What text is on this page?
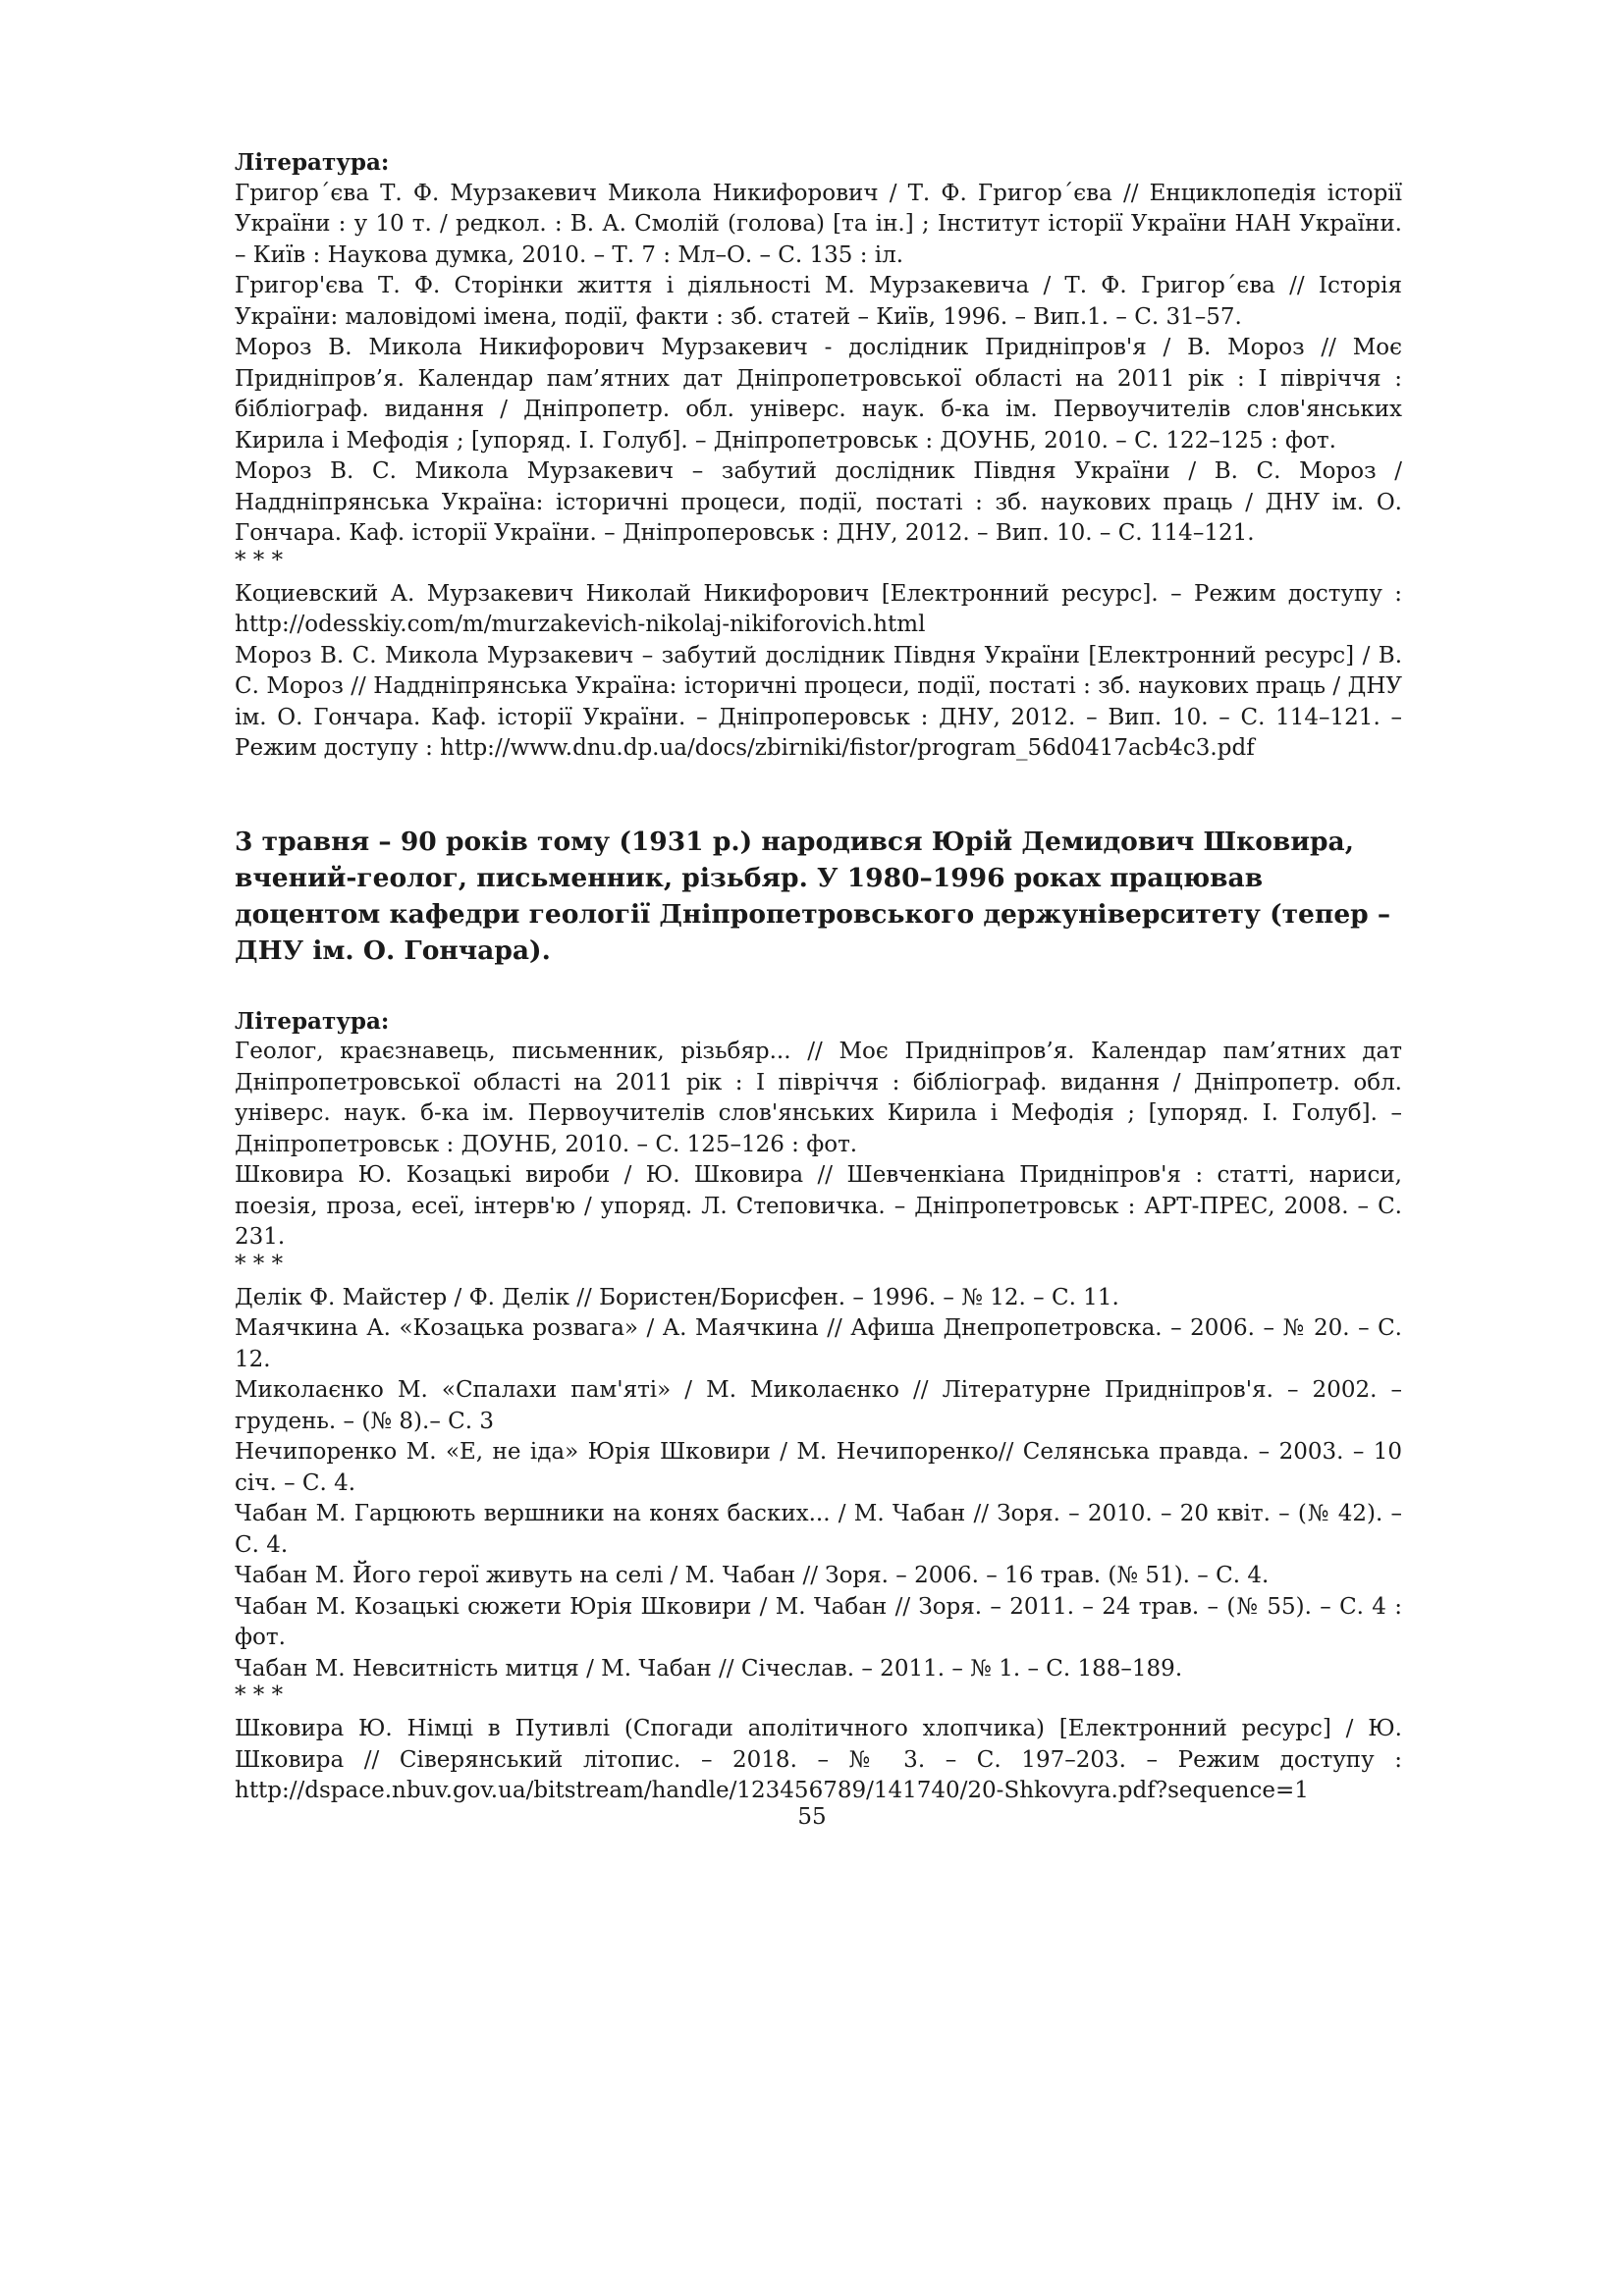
Література:

Григор´єва Т. Ф. Мурзакевич Микола Никифорович / Т. Ф. Григор´єва // Енциклопедія історії України : у 10 т. / редкол. : В. А. Смолій (голова) [та ін.] ; Інститут історії України НАН України. – Київ : Наукова думка, 2010. – Т. 7 : Мл–О. – С. 135 : іл.

Григор'єва Т. Ф. Сторінки життя і діяльності М. Мурзакевича / Т. Ф. Григор´єва // Історія України: маловідомі імена, події, факти : зб. статей – Київ, 1996. – Вип.1. – С. 31–57.

Мороз В. Микола Никифорович Мурзакевич - дослідник Придніпров'я / В. Мороз // Моє Придніпров’я. Календар пам’ятних дат Дніпропетровської області на 2011 рік : І півріччя : бібліограф. видання / Дніпропетр. обл. універс. наук. б-ка ім. Первоучителів слов'янських Кирила і Мефодія ; [упоряд. І. Голуб]. – Дніпропетровськ : ДОУНБ, 2010. – С. 122–125 : фот.

Мороз В. С. Микола Мурзакевич – забутий дослідник Півдня України / В. С. Мороз / Наддніпрянська Україна: історичні процеси, події, постаті : зб. наукових праць / ДНУ ім. О. Гончара. Каф. історії України. – Дніпроперовськ : ДНУ, 2012. – Вип. 10. – С. 114–121.

* * *

Коциевский А. Мурзакевич Николай Никифорович [Електронний ресурс]. – Режим доступу : http://odesskiy.com/m/murzakevich-nikolaj-nikiforovich.html

Мороз В. С. Микола Мурзакевич – забутий дослідник Півдня України [Електронний ресурс] / В. С. Мороз // Наддніпрянська Україна: історичні процеси, події, постаті : зб. наукових праць / ДНУ ім. О. Гончара. Каф. історії України. – Дніпроперовськ : ДНУ, 2012. – Вип. 10. – С. 114–121. – Режим доступу : http://www.dnu.dp.ua/docs/zbirniki/fistor/program_56d0417acb4c3.pdf

3 травня – 90 років тому (1931 р.) народився Юрій Демидович Шковира, вчений-геолог, письменник, різьбяр. У 1980–1996 роках працював доцентом кафедри геології Дніпропетровського держуніверситету (тепер – ДНУ ім. О. Гончара).

Література:

Геолог, краєзнавець, письменник, різьбяр... // Моє Придніпров’я. Календар пам’ятних дат Дніпропетровської області на 2011 рік : І півріччя : бібліограф. видання / Дніпропетр. обл. універс. наук. б-ка ім. Первоучителів слов'янських Кирила і Мефодія ; [упоряд. І. Голуб]. – Дніпропетровськ : ДОУНБ, 2010. – С. 125–126 : фот.

Шковира Ю. Козацькі вироби / Ю. Шковира // Шевченкіана Придніпров'я : статті, нариси, поезія, проза, есеї, інтерв'ю / упоряд. Л. Степовичка. – Дніпропетровськ : АРТ-ПРЕС, 2008. – С. 231.

* * *

Делік Ф. Майстер / Ф. Делік // Бористен/Борисфен. – 1996. – № 12. – С. 11.

Маячкина А. «Козацька розвага» / А. Маячкина // Афиша Днепропетровска. – 2006. – № 20. – С. 12.

Миколаєнко М. «Спалахи пам'яті» / М. Миколаєнко // Літературне Придніпров'я. – 2002. – грудень. – (№ 8).– С. 3

Нечипоренко М. «Е, не іда» Юрія Шковири / М. Нечипоренко// Селянська правда. – 2003. – 10 січ. – С. 4.

Чабан М. Гарцюють вершники на конях баских... / М. Чабан // Зоря. – 2010. – 20 квіт. – (№ 42). – С. 4.

Чабан М. Його герої живуть на селі / М. Чабан // Зоря. – 2006. – 16 трав. (№ 51). – С. 4.

Чабан М. Козацькі сюжети Юрія Шковири / М. Чабан // Зоря. – 2011. – 24 трав. – (№ 55). – С. 4 : фот.

Чабан М. Невситність митця / М. Чабан // Січеслав. – 2011. – № 1. – С. 188–189.

* * *

Шковира Ю. Німці в Путивлі (Спогади аполітичного хлопчика) [Електронний ресурс] / Ю. Шковира // Сіверянський літопис. – 2018. – № 3. – С. 197–203. – Режим доступу : http://dspace.nbuv.gov.ua/bitstream/handle/123456789/141740/20-Shkovyra.pdf?sequence=1

55
